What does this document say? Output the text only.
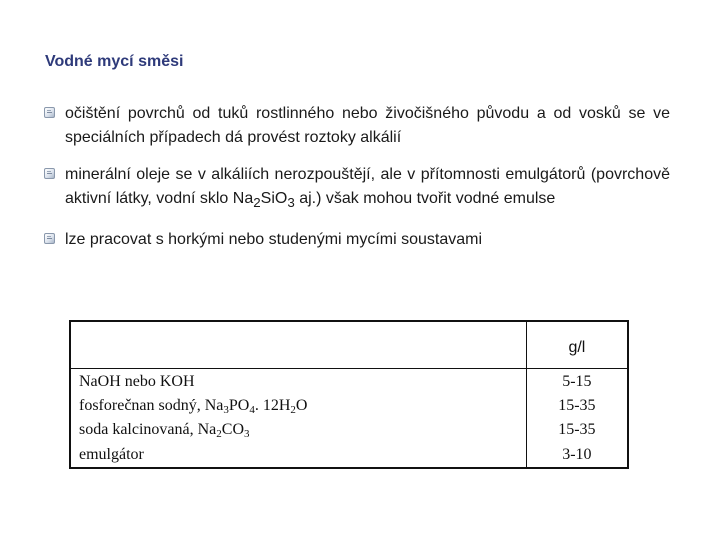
Vodné mycí směsi
očištění povrchů od tuků rostlinného nebo živočišného původu a od vosků se ve speciálních případech dá provést roztoky alkálií
minerální oleje se v alkáliích nerozpouštějí, ale v přítomnosti emulgátorů (povrchově aktivní látky, vodní sklo $Na_2SiO_3$ aj.) však mohou tvořit vodné emulse
lze pracovat s horkými nebo studenými mycími soustavami
	g/l
NaOH nebo KOH	5-15
fosforečnan sodný, $Na_3PO_4$. $12H_2O$	15-35
soda kalcinovaná, $Na_2CO_3$	15-35
emulgátor	3-10
